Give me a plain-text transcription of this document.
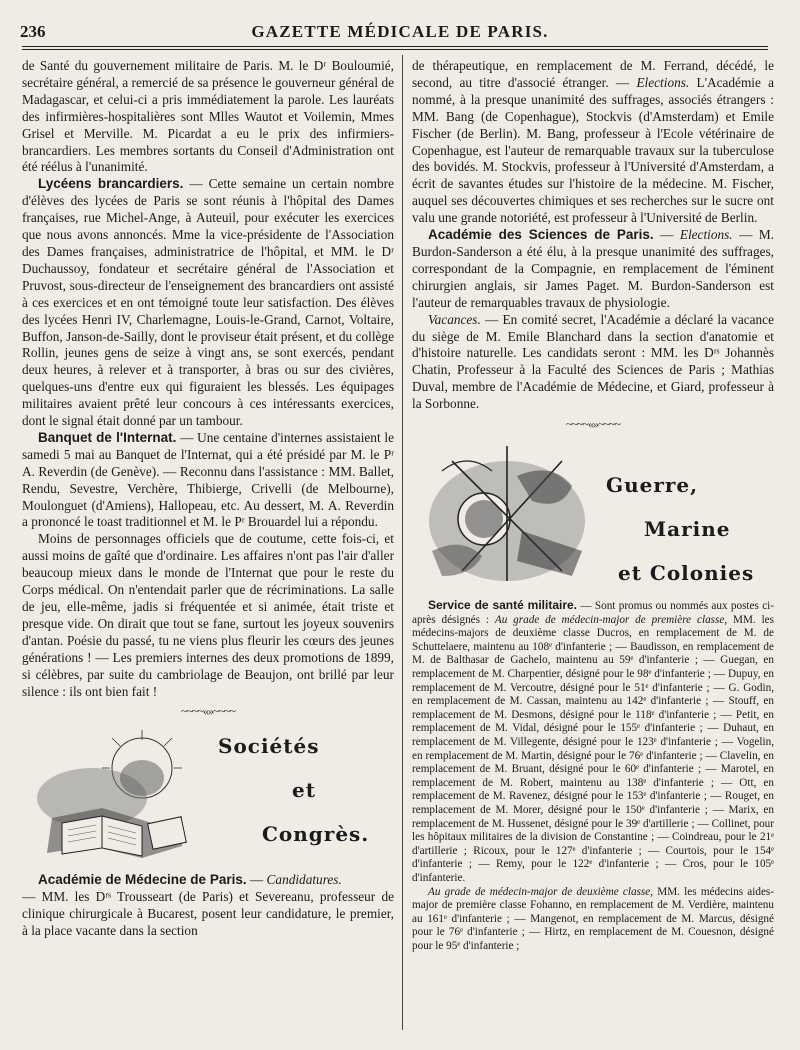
236	GAZETTE MÉDICALE DE PARIS.

de Santé du gouvernement militaire de Paris. M. le Dʳ Bouloumié, secrétaire général, a remercié de sa présence le gouverneur général de Madagascar, et celui-ci a pris immédiatement la parole. Les lauréats des infirmières-hospitalières sont Mlles Wautot et Voilemin, Mmes Grisel et Merville. M. Picardat a eu le prix des infirmiers-brancardiers. Les membres sortants du Conseil d'Administration ont été réélus à l'unanimité.

Lycéens brancardiers. — Cette semaine un certain nombre d'élèves des lycées de Paris se sont réunis à l'hôpital des Dames françaises, rue Michel-Ange, à Auteuil, pour exécuter les exercices que nous avons annoncés. Mme la vice-présidente de l'Association des Dames françaises, administratrice de l'hôpital, et MM. le Dʳ Duchaussoy, fondateur et secrétaire général de l'Association et Pruvost, sous-directeur de l'enseignement des brancardiers ont assisté à ces exercices et en ont témoigné toute leur satisfaction. Des élèves des lycées Henri IV, Charlemagne, Louis-le-Grand, Carnot, Voltaire, Buffon, Janson-de-Sailly, dont le proviseur était présent, et du collège Rollin, jeunes gens de seize à vingt ans, se sont exercés, pendant deux heures, à relever et à transporter, à bras ou sur des civières, quelques-uns d'entre eux qui figuraient les blessés. Les équipages militaires avaient prêté leur concours à ces intéressants exercices, dont le signal était donné par un tambour.

Banquet de l'Internat. — Une centaine d'internes assistaient le samedi 5 mai au Banquet de l'Internat, qui a été présidé par M. le Pʳ A. Reverdin (de Genève). — Reconnu dans l'assistance : MM. Ballet, Rendu, Sevestre, Verchère, Thibierge, Crivelli (de Melbourne), Moulonguet (d'Amiens), Hallopeau, etc. Au dessert, M. A. Reverdin a prononcé le toast traditionnel et M. le Pʳ Brouardel lui a répondu.

Moins de personnages officiels que de coutume, cette fois-ci, et aussi moins de gaîté que d'ordinaire. Les affaires n'ont pas l'air d'aller beaucoup mieux dans le monde de l'Internat que pour le reste du Corps médical. On n'entendait parler que de récriminations. La salle de jeu, elle-même, jadis si fréquentée et si animée, était triste et presque vide. On dirait que tout se fane, surtout les joyeux souvenirs d'antan. Poésie du passé, tu ne viens plus fleurir les cœurs des jeunes générations ! — Les premiers internes des deux promotions de 1899, si célèbres, par suite du cambriolage de Beaujon, ont brillé par leur silence : ils ont bien fait !

~~~~«»~~~~
Sociétés
et
Congrès.

Académie de Médecine de Paris. — Candidatures.

— MM. les Dʳˢ Trousseart (de Paris) et Severeanu, professeur de clinique chirurgicale à Bucarest, posent leur candidature, le premier, à la place vacante dans la section

de thérapeutique, en remplacement de M. Ferrand, décédé, le second, au titre d'associé étranger. — Elections. L'Académie a nommé, à la presque unanimité des suffrages, associés étrangers : MM. Bang (de Copenhague), Stockvis (d'Amsterdam) et Emile Fischer (de Berlin). M. Bang, professeur à l'Ecole vétérinaire de Copenhague, est l'auteur de remarquable travaux sur la tuberculose des bovidés. M. Stockvis, professeur à l'Université d'Amsterdam, a écrit de savantes études sur l'histoire de la médecine. M. Fischer, auquel ses découvertes chimiques et ses recherches sur le sucre ont valu une grande notoriété, est professeur à l'Université de Berlin.

Académie des Sciences de Paris. — Elections. — M. Burdon-Sanderson a été élu, à la presque unanimité des suffrages, correspondant de la Compagnie, en remplacement de l'éminent chirurgien anglais, sir James Paget. M. Burdon-Sanderson est l'auteur de remarquables travaux de physiologie.

Vacances. — En comité secret, l'Académie a déclaré la vacance du siège de M. Emile Blanchard dans la section d'anatomie et d'histoire naturelle. Les candidats seront : MM. les Dʳˢ Johannès Chatin, Professeur à la Faculté des Sciences de Paris ; Mathias Duval, membre de l'Académie de Médecine, et Giard, professeur à la Sorbonne.

~~~~«»~~~~
Guerre,
Marine
et Colonies

Service de santé militaire. — Sont promus ou nommés aux postes ci-après désignés : Au grade de médecin-major de première classe, MM. les médecins-majors de deuxième classe Ducros, en remplacement de M. de Schuttelaere, maintenu au 108ᵉ d'infanterie ; — Baudisson, en remplacement de M. de Balthasar de Gachelo, maintenu au 59ᵉ d'infanterie ; — Guegan, en remplacement de M. Charpentier, désigné pour le 98ᵉ d'infanterie ; — Dupuy, en remplacement de M. Vercoutre, désigné pour le 51ᵉ d'infanterie ; — G. Godin, en remplacement de M. Cassan, maintenu au 142ᵉ d'infanterie ; — Stouff, en remplacement de M. Desmons, désigné pour le 118ᵉ d'infanterie ; — Petit, en remplacement de M. Vidal, désigné pour le 155ᵉ d'infanterie ; — Duhaut, en remplacement de M. Villegente, désigné pour le 123ᵉ d'infanterie ; — Vogelin, en remplacement de M. Martin, désigné pour le 76ᵉ d'infanterie ; — Clavelin, en remplacement de M. Bruant, désigné pour le 60ᵉ d'infanterie ; — Marotel, en remplacement de M. Robert, maintenu au 138ᵉ d'infanterie ; — Ott, en remplacement de M. Ravenez, désigné pour le 153ᵉ d'infanterie ; — Rouget, en remplacement de M. Morer, désigné pour le 150ᵉ d'infanterie ; — Marix, en remplacement de M. Hussenet, désigné pour le 39ᵉ d'artillerie ; — Collinet, pour les hôpitaux militaires de la division de Constantine ; — Coindreau, pour le 21ᵉ d'artillerie ; Ricoux, pour le 127ᵉ d'infanterie ; — Courtois, pour le 154ᵉ d'infanterie ; — Remy, pour le 122ᵉ d'infanterie ; — Cros, pour le 105ᵉ d'infanterie.

Au grade de médecin-major de deuxième classe, MM. les médecins aides-major de première classe Fohanno, en remplacement de M. Verdière, maintenu au 161ᵉ d'infanterie ; — Mangenot, en remplacement de M. Marcus, désigné pour le 76ᵉ d'infanterie ; — Hirtz, en remplacement de M. Couesnon, désigné pour le 95ᵉ d'infanterie ;
